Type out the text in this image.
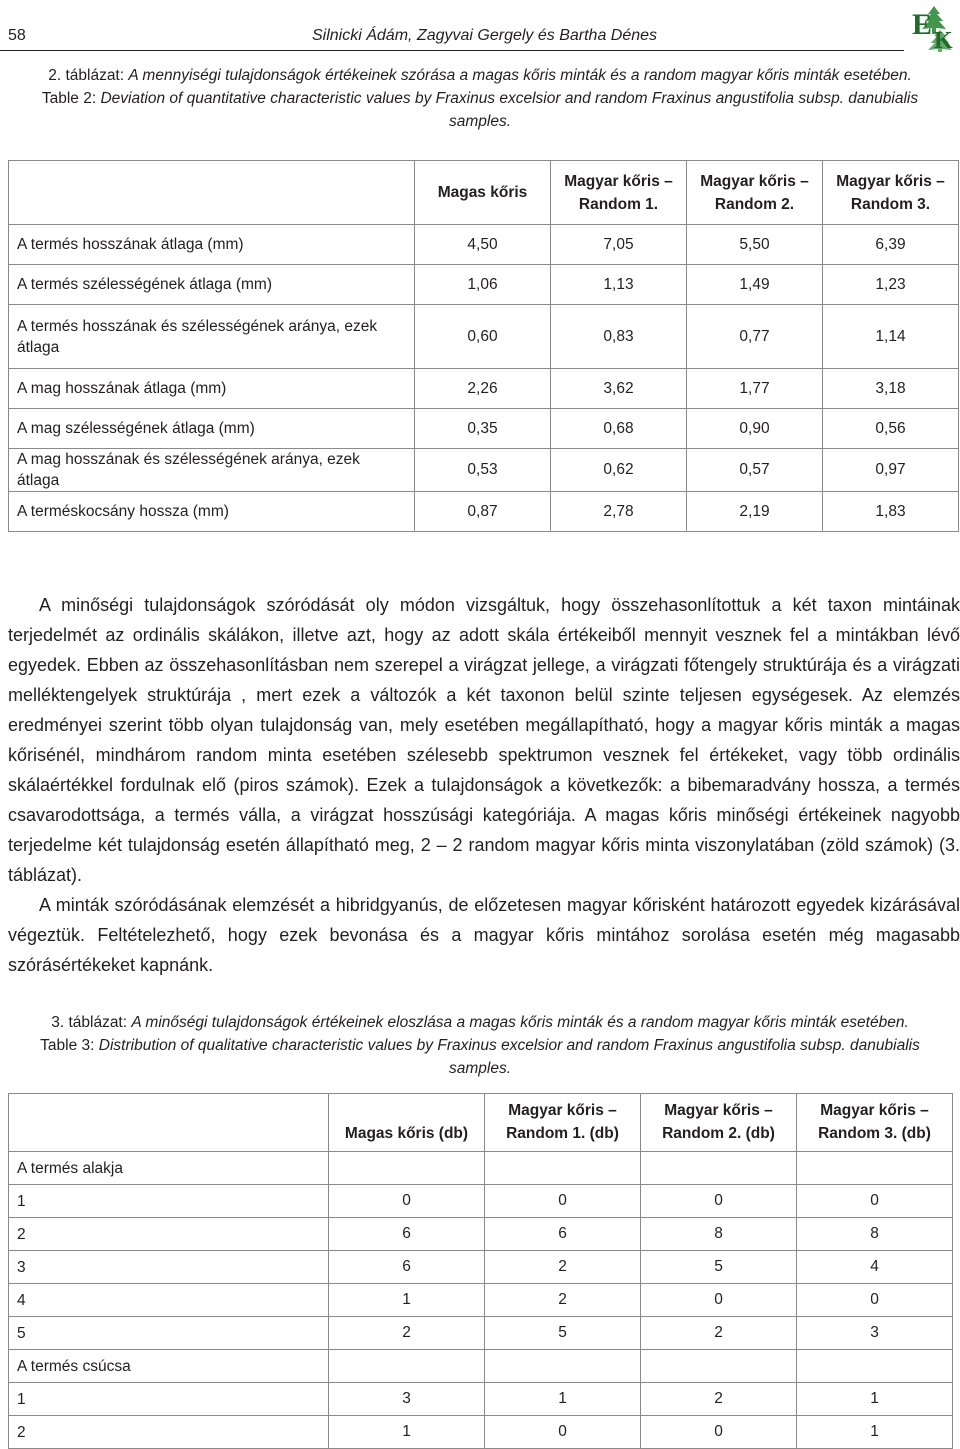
58	Silnicki Ádám, Zagyvai Gergely és Bartha Dénes	E K
2. táblázat: A mennyiségi tulajdonságok értékeinek szórása a magas kőris minták és a random magyar kőris minták esetében.
Table 2: Deviation of quantitative characteristic values by Fraxinus excelsior and random Fraxinus angustifolia subsp. danubialis samples.
	Magas kőris	Magyar kőris – Random 1.	Magyar kőris – Random 2.	Magyar kőris – Random 3.
A termés hosszának átlaga (mm)	4,50	7,05	5,50	6,39
A termés szélességének átlaga (mm)	1,06	1,13	1,49	1,23
A termés hosszának és szélességének aránya, ezek átlaga	0,60	0,83	0,77	1,14
A mag hosszának átlaga (mm)	2,26	3,62	1,77	3,18
A mag szélességének átlaga (mm)	0,35	0,68	0,90	0,56
A mag hosszának és szélességének aránya, ezek átlaga	0,53	0,62	0,57	0,97
A terméskocsány hossza (mm)	0,87	2,78	2,19	1,83

A minőségi tulajdonságok szóródását oly módon vizsgáltuk, hogy összehasonlítottuk a két taxon mintáinak terjedelmét az ordinális skálákon, illetve azt, hogy az adott skála értékeiből mennyit vesznek fel a mintákban lévő egyedek. Ebben az összehasonlításban nem szerepel a virágzat jellege, a virágzati főtengely struktúrája és a virágzati melléktengelyek struktúrája , mert ezek a változók a két taxonon belül szinte teljesen egységesek. Az elemzés eredményei szerint több olyan tulajdonság van, mely esetében megállapítható, hogy a magyar kőris minták a magas kőrisénél, mindhárom random minta esetében szélesebb spektrumon vesznek fel értékeket, vagy több ordinális skálaértékkel fordulnak elő (piros számok). Ezek a tulajdonságok a következők: a bibemaradvány hossza, a termés csavarodottsága, a termés válla, a virágzat hosszúsági kategóriája. A magas kőris minőségi értékeinek nagyobb terjedelme két tulajdonság esetén állapítható meg, 2 – 2 random magyar kőris minta viszonylatában (zöld számok) (3. táblázat).

A minták szóródásának elemzését a hibridgyanús, de előzetesen magyar kőrisként határozott egyedek kizárásával végeztük. Feltételezhető, hogy ezek bevonása és a magyar kőris mintához sorolása esetén még magasabb szórásértékeket kapnánk.

3. táblázat: A minőségi tulajdonságok értékeinek eloszlása a magas kőris minták és a random magyar kőris minták esetében.
Table 3: Distribution of qualitative characteristic values by Fraxinus excelsior and random Fraxinus angustifolia subsp. danubialis samples.
	Magas kőris (db)	Magyar kőris – Random 1. (db)	Magyar kőris – Random 2. (db)	Magyar kőris – Random 3. (db)
A termés alakja				
1	0	0	0	0
2	6	6	8	8
3	6	2	5	4
4	1	2	0	0
5	2	5	2	3
A termés csúcsa				
1	3	1	2	1
2	1	0	0	1
